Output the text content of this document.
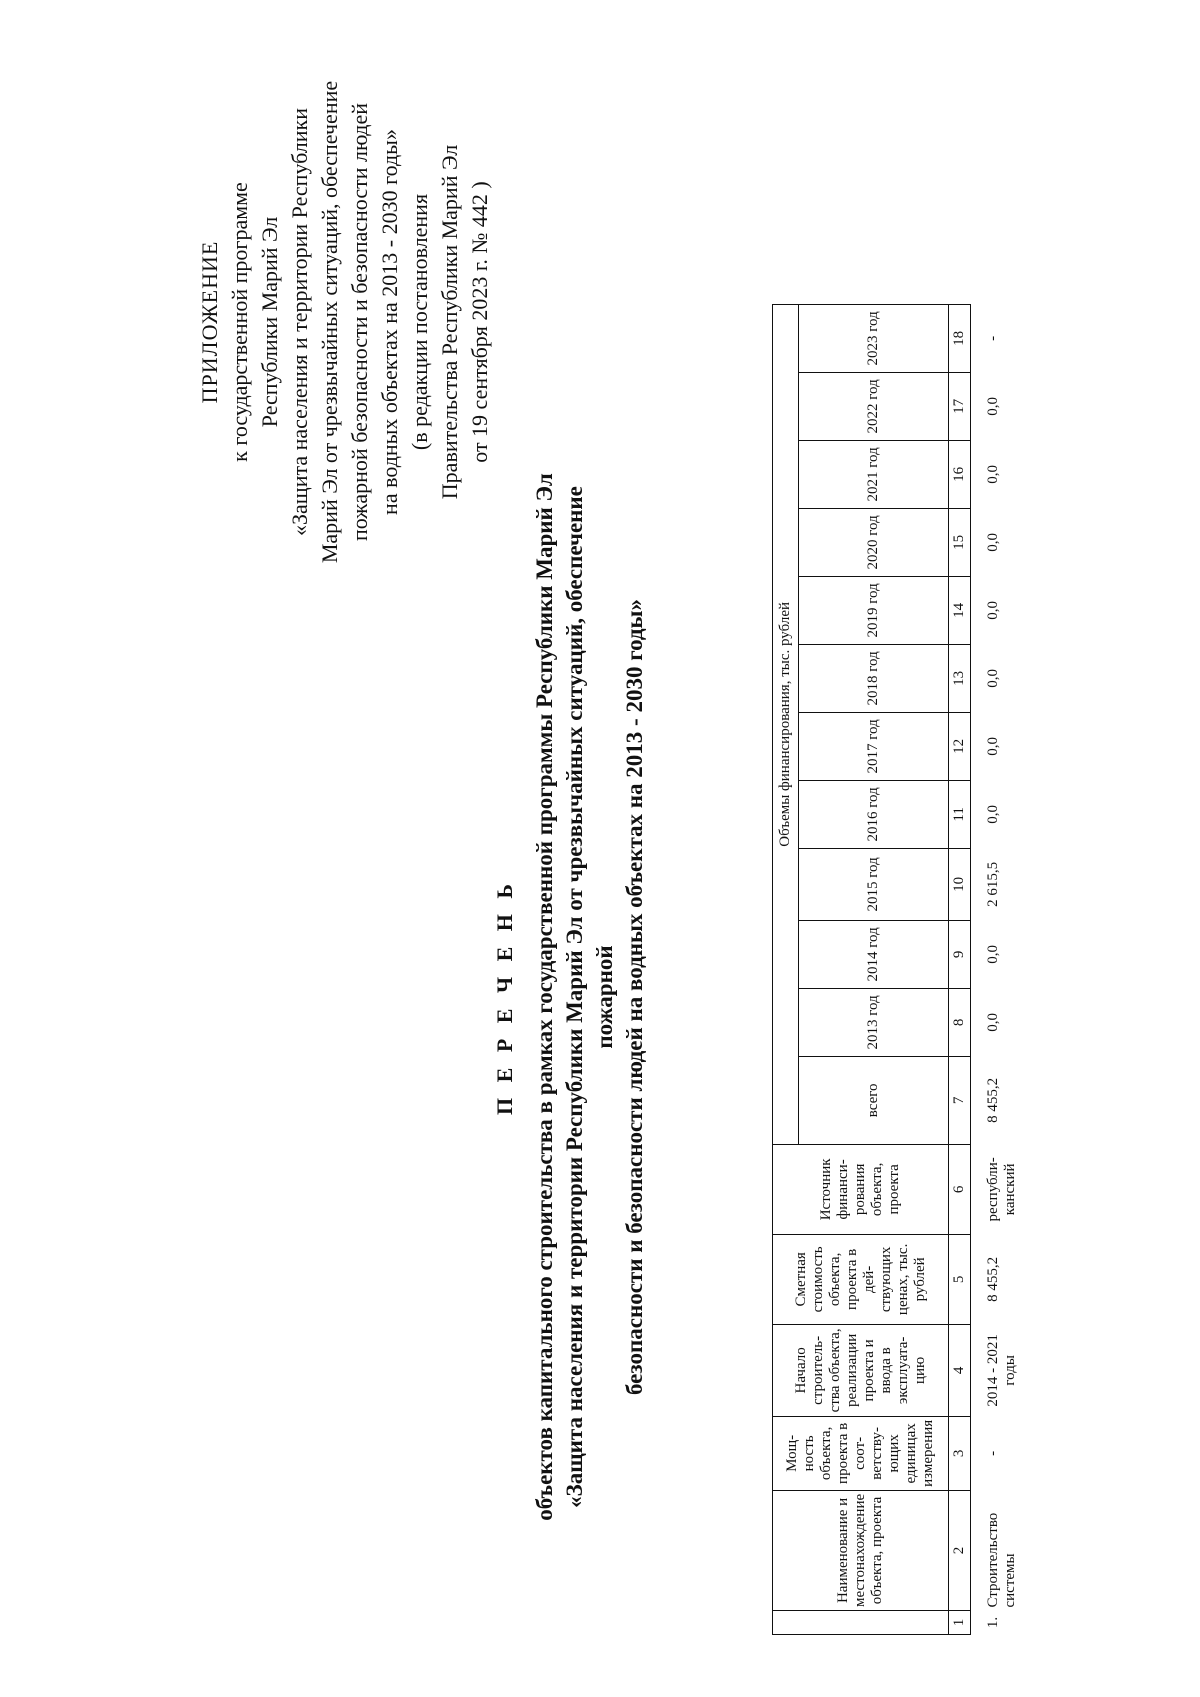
ПРИЛОЖЕНИЕ к государственной программе Республики Марий Эл «Защита населения и территории Республики Марий Эл от чрезвычайных ситуаций, обеспечение пожарной безопасности и безопасности людей на водных объектах на 2013 - 2030 годы» (в редакции постановления Правительства Республики Марий Эл от 19 сентября 2023 г. № 442 )
П Е Р Е Ч Е Н Ь объектов капитального строительства в рамках государственной программы Республики Марий Эл «Защита населения и территории Республики Марий Эл от чрезвычайных ситуаций, обеспечение пожарной безопасности и безопасности людей на водных объектах на 2013 - 2030 годы»
	Наименование и местонахождение объекта, проекта	Мощ-ность объекта, проекта в соот-ветству-ющих единицах измерения	Начало строитель-ства объекта, реализации проекта и ввода в эксплуата-цию	Сметная стоимость объекта, проекта в дей-ствующих ценах, тыс. рублей	Источник финанси-рования объекта, проекта	Объемы финансирования, тыс. рублей											
						всего	2013 год	2014 год	2015 год	2016 год	2017 год	2018 год	2019 год	2020 год	2021 год	2022 год	2023 год
1	2	3	4	5	6	7	8	9	10	11	12	13	14	15	16	17	18
1.	Строительство системы	-	2014 - 2021 годы	8 455,2	республи-канский	8 455,2	0,0	0,0	2 615,5	0,0	0,0	0,0	0,0	0,0	0,0	0,0	-
